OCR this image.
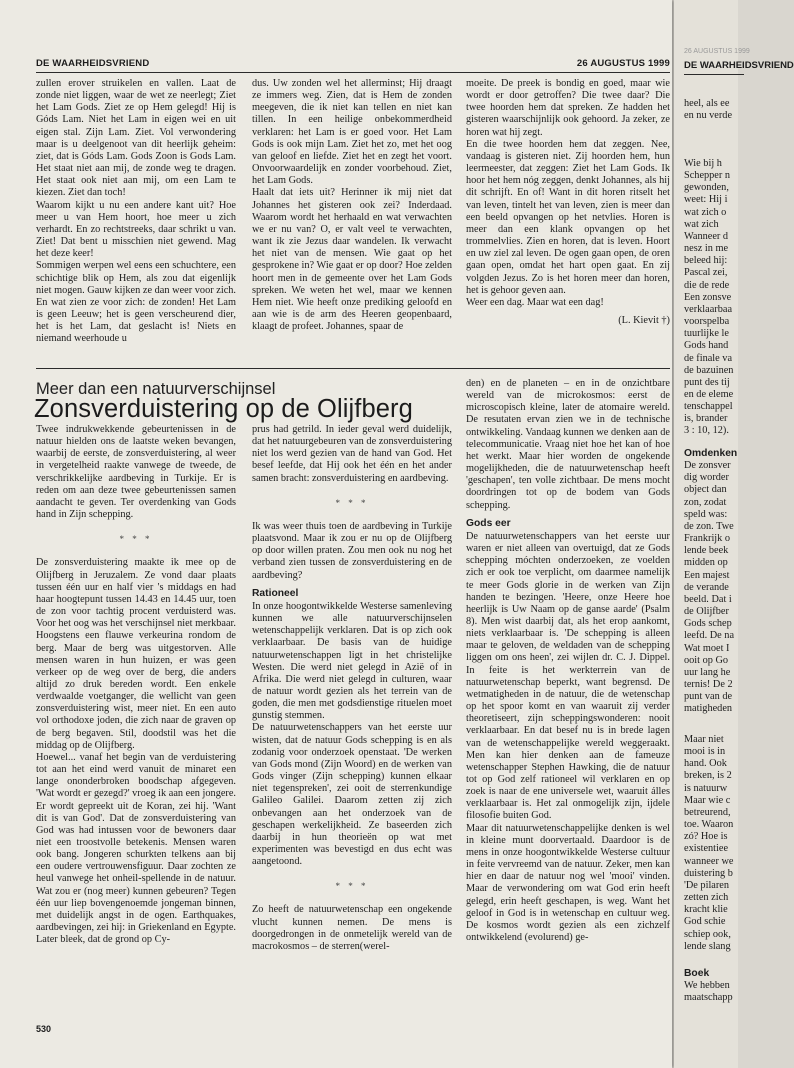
DE WAARHEIDSVRIEND	26 AUGUSTUS 1999

zullen erover struikelen en vallen. Laat de zonde niet liggen, waar de wet ze neerlegt; Ziet het Lam Gods. Ziet ze op Hem gelegd! Hij is Góds Lam. Niet het Lam in eigen wei en uit eigen stal. Zijn Lam. Ziet. Vol verwondering maar is u deelgenoot van dit heerlijk geheim: ziet, dat is Góds Lam. Gods Zoon is Gods Lam. Het staat niet aan mij, de zonde weg te dragen. Het staat ook niet aan mij, om een Lam te kiezen. Ziet dan toch!

Waarom kijkt u nu een andere kant uit? Hoe meer u van Hem hoort, hoe meer u zich verhardt. En zo rechtstreeks, daar schrikt u van. Ziet! Dat bent u misschien niet gewend. Mag het deze keer!

Sommigen werpen wel eens een schuchtere, een schichtige blik op Hem, als zou dat eigenlijk niet mogen. Gauw kijken ze dan weer voor zich. En wat zien ze voor zich: de zonden! Het Lam is geen Leeuw; het is geen verscheurend dier, het is het Lam, dat geslacht is! Niets en niemand weerhoude u

dus. Uw zonden wel het allerminst; Hij draagt ze immers weg. Zien, dat is Hem de zonden meegeven, die ik niet kan tellen en niet kan tillen. In een heilige onbekommerdheid verklaren: het Lam is er goed voor. Het Lam Gods is ook mijn Lam. Ziet het zo, met het oog van geloof en liefde. Ziet het en zegt het voort. Onvoorwaardelijk en zonder voorbehoud. Ziet, het Lam Gods.

Haalt dat iets uit? Herinner ik mij niet dat Johannes het gisteren ook zei? Inderdaad. Waarom wordt het herhaald en wat verwachten we er nu van? O, er valt veel te verwachten, want ik zie Jezus daar wandelen. Ik verwacht het niet van de mensen. Wie gaat op het gesprokene in? Wie gaat er op door? Hoe zelden hoort men in de gemeente over het Lam Gods spreken. We weten het wel, maar we kennen Hem niet. Wie heeft onze prediking geloofd en aan wie is de arm des Heeren geopenbaard, klaagt de profeet. Johannes, spaar de

moeite. De preek is bondig en goed, maar wie wordt er door getroffen? Die twee daar? Die twee hoorden hem dat spreken. Ze hadden het gisteren waarschijnlijk ook gehoord. Ja zeker, ze horen wat hij zegt.

En die twee hoorden hem dat zeggen. Nee, vandaag is gisteren niet. Zij hoorden hem, hun leermeester, dat zeggen: Ziet het Lam Gods. Ik hoor het hem nóg zeggen, denkt Johannes, als hij dit schrijft. En of! Want in dit horen ritselt het van leven, tintelt het van leven, zien is meer dan een beeld opvangen op het netvlies. Horen is meer dan een klank opvangen op het trommelvlies. Zien en horen, dat is leven. Hoort en uw ziel zal leven. De ogen gaan open, de oren gaan open, omdat het hart open gaat. En zij volgden Jezus. Zo is het horen meer dan horen, het is gehoor geven aan.

Weer een dag. Maar wat een dag!

(L. Kievit †)

Meer dan een natuurverschijnsel
Zonsverduistering op de Olijfberg

Twee indrukwekkende gebeurtenissen in de natuur hielden ons de laatste weken bevangen, waarbij de eerste, de zonsverduistering, al weer in vergetelheid raakte vanwege de tweede, de verschrikkelijke aardbeving in Turkije. Er is reden om aan deze twee gebeurtenissen samen aandacht te geven. Ter overdenking van Gods hand in Zijn schepping.

* * *

De zonsverduistering maakte ik mee op de Olijfberg in Jeruzalem. Ze vond daar plaats tussen één uur en half vier 's middags en had haar hoogtepunt tussen 14.43 en 14.45 uur, toen de zon voor tachtig procent verduisterd was. Voor het oog was het verschijnsel niet merkbaar. Hoogstens een flauwe verkeurina rondom de berg. Maar de berg was uitgestorven. Alle mensen waren in hun huizen, er was geen verkeer op de weg over de berg, die anders altijd zo druk bereden wordt. Een enkele verdwaalde voetganger, die wellicht van geen zonsverduistering wist, meer niet. En een auto vol orthodoxe joden, die zich naar de graven op de berg begaven. Stil, doodstil was het die middag op de Olijfberg.

Hoewel... vanaf het begin van de verduistering tot aan het eind werd vanuit de minaret een lange ononderbroken boodschap afgegeven. 'Wat wordt er gezegd?' vroeg ik aan een jongere. Er wordt gepreekt uit de Koran, zei hij. 'Want dit is van God'. Dat de zonsverduistering van God was had intussen voor de bewoners daar niet een troostvolle betekenis. Mensen waren ook bang. Jongeren schurkten telkens aan bij een oudere vertrouwensfiguur. Daar zochten ze heul vanwege het onheil-spellende in de natuur. Wat zou er (nog meer) kunnen gebeuren? Tegen één uur liep bovengenoemde jongeman binnen, met duidelijk angst in de ogen. Earthquakes, aardbevingen, zei hij: in Griekenland en Egypte. Later bleek, dat de grond op Cy-

prus had getrild. In ieder geval werd duidelijk, dat het natuurgebeuren van de zonsverduistering niet los werd gezien van de hand van God. Het besef leefde, dat Hij ook het één en het ander samen bracht: zonsverduistering en aardbeving.

* * *

Ik was weer thuis toen de aardbeving in Turkije plaatsvond. Maar ik zou er nu op de Olijfberg op door willen praten. Zou men ook nu nog het verband zien tussen de zonsverduistering en de aardbeving?

Rationeel

In onze hoogontwikkelde Westerse samenleving kunnen we alle natuurverschijnselen wetenschappelijk verklaren. Dat is op zich ook verklaarbaar. De basis van de huidige natuurwetenschappen ligt in het christelijke Westen. Die werd niet gelegd in Azië of in Afrika. Die werd niet gelegd in culturen, waar de natuur wordt gezien als het terrein van de goden, die men met godsdienstige rituelen moet gunstig stemmen.

De natuurwetenschappers van het eerste uur wisten, dat de natuur Gods schepping is en als zodanig voor onderzoek openstaat. 'De werken van Gods mond (Zijn Woord) en de werken van Gods vinger (Zijn schepping) kunnen elkaar niet tegenspreken', zei ooit de sterrenkundige Galileo Galilei. Daarom zetten zij zich onbevangen aan het onderzoek van de geschapen werkelijkheid. Ze baseerden zich daarbij in hun theorieën op wat met experimenten was bevestigd en dus echt was aangetoond.

* * *

Zo heeft de natuurwetenschap een ongekende vlucht kunnen nemen. De mens is doorgedrongen in de onmetelijk wereld van de macrokosmos – de sterren(werel-

den) en de planeten – en in de onzichtbare wereld van de microkosmos: eerst de microscopisch kleine, later de atomaire wereld. De resutaten ervan zien we in de technische ontwikkeling. Vandaag kunnen we denken aan de telecommunicatie. Vraag niet hoe het kan of hoe het werkt. Maar hier worden de ongekende mogelijkheden, die de natuurwetenschap heeft 'geschapen', ten volle zichtbaar. De mens mocht doordringen tot op de bodem van Gods schepping.

Gods eer

De natuurwetenschappers van het eerste uur waren er niet alleen van overtuigd, dat ze Gods schepping móchten onderzoeken, ze voelden zich er ook toe verplicht, om daarmee namelijk te meer Gods glorie in de werken van Zijn handen te bezingen. 'Heere, onze Heere hoe heerlijk is Uw Naam op de ganse aarde' (Psalm 8). Men wist daarbij dat, als het erop aankomt, niets verklaarbaar is. 'De schepping is alleen maar te geloven, de weldaden van de schepping liggen om ons heen', zei wijlen dr. C. J. Dippel. In feite is het werkterrein van de natuurwetenschap beperkt, want begrensd. De wetmatigheden in de natuur, die de wetenschap op het spoor komt en van waaruit zij verder theoretiseert, zijn scheppingswonderen: nooit verklaarbaar. En dat besef nu is in brede lagen van de wetenschappelijke wereld weggeraakt. Men kan hier denken aan de fameuze wetenschapper Stephen Hawking, die de natuur tot op God zelf rationeel wil verklaren en op zoek is naar de ene universele wet, waaruit álles verklaarbaar is. Het zal onmogelijk zijn, ijdele filosofie buiten God.

Maar dit natuurwetenschappelijke denken is wel in kleine munt doorvertaald. Daardoor is de mens in onze hoogontwikkelde Westerse cultuur in feite vervreemd van de natuur. Zeker, men kan hier en daar de natuur nog wel 'mooi' vinden. Maar de verwondering om wat God erin heeft gelegd, erin heeft geschapen, is weg. Want het geloof in God is in wetenschap en cultuur weg. De kosmos wordt gezien als een zichzelf ontwikkelend (evolurend) ge-

530
26 AUGUSTUS 1999
DE WAARHEIDSVRIEND

heel, als ee

en nu verde

Wie bij h

Schepper n

gewonden,

weet: Hij i

wat zich o

wat zich

Wanneer d

nesz in me

beleed hij:

Pascal zei,

die de rede

Een zonsve

verklaarbaa

voorspelba

tuurlijke le

Gods hand

de finale va

de bazuinen

punt des tij

en de eleme

tenschappel

is, brander

3 : 10, 12).

Omdenken

De zonsver

dig worder

object dan

zon, zodat

speld was:

de zon. Twe

Frankrijk o

lende beek

midden op

Een majest

de verande

beeld. Dat i

de Olijfber

Gods schep

leefd. De na

Wat moet I

ooit op Go

uur lang he

ternis! De 2

punt van de

matigheden

Maar niet

mooi is in

hand. Ook

breken, is 2

is natuurw

Maar wie c

betreurend,

toe. Waaron

zó? Hoe is

existentiee

wanneer we

duistering b

'De pilaren

zetten zich

kracht klie

God schie

schiep ook,

lende slang

Boek

We hebben

maatschapp
